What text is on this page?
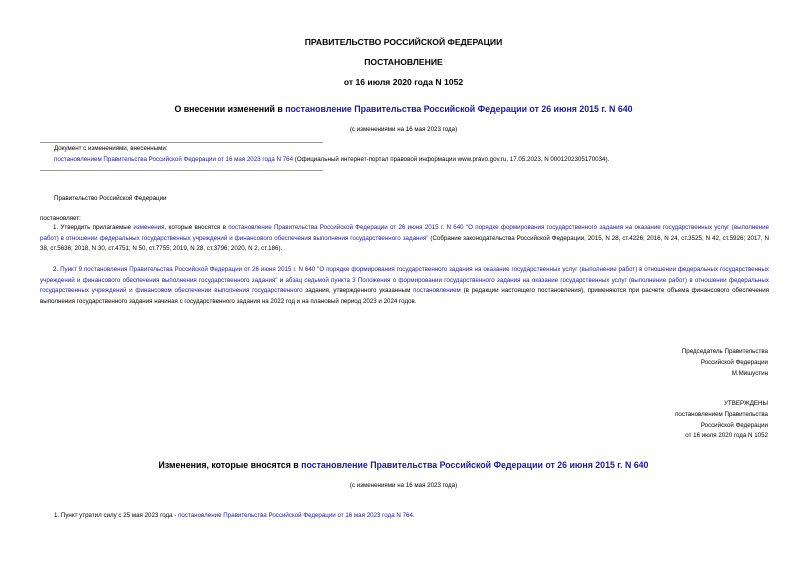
ПРАВИТЕЛЬСТВО РОССИЙСКОЙ ФЕДЕРАЦИИ
ПОСТАНОВЛЕНИЕ
от 16 июля 2020 года N 1052
О внесении изменений в постановление Правительства Российской Федерации от 26 июня 2015 г. N 640
(с изменениями на 16 мая 2023 года)
Документ с изменениями, внесенными:
постановлением Правительства Российской Федерации от 16 мая 2023 года N 764 (Официальный интернет-портал правовой информации www.pravo.gov.ru, 17.05.2023, N 0001202305170034).
Правительство Российской Федерации
постановляет:
1. Утвердить прилагаемые изменения, которые вносятся в постановление Правительства Российской Федерации от 26 июня 2015 г. N 640 "О порядке формирования государственного задания на оказание государственных услуг (выполнение работ) в отношении федеральных государственных учреждений и финансового обеспечения выполнения государственного задания" (Собрание законодательства Российской Федерации, 2015, N 28, ст.4226; 2016, N 24, ст.3525; N 42, ст.5926; 2017, N 38, ст.5636; 2018, N 30, ст.4751; N 50, ст.7755; 2019, N 28, ст.3796; 2020, N 2, ст.186).
2. Пункт 9 постановления Правительства Российской Федерации от 26 июня 2015 г. N 640 "О порядке формирования государственного задания на оказание государственных услуг (выполнение работ) в отношении федеральных государственных учреждений и финансового обеспечения выполнения государственного задания" и абзац седьмой пункта 3 Положения о формировании государственного задания на оказание государственных услуг (выполнение работ) в отношении федеральных государственных учреждений и финансовом обеспечении выполнения государственного задания, утвержденного указанным постановлением (в редакции настоящего постановления), применяются при расчете объема финансового обеспечения выполнения государственного задания начиная с государственного задания на 2022 год и на плановый период 2023 и 2024 годов.
Председатель Правительства
Российской Федерации
М.Мишустин
УТВЕРЖДЕНЫ
постановлением Правительства
Российской Федерации
от 16 июля 2020 года N 1052
Изменения, которые вносятся в постановление Правительства Российской Федерации от 26 июня 2015 г. N 640
(с изменениями на 16 мая 2023 года)
1. Пункт утратил силу с 25 мая 2023 года - постановление Правительства Российской Федерации от 16 мая 2023 года N 764.
